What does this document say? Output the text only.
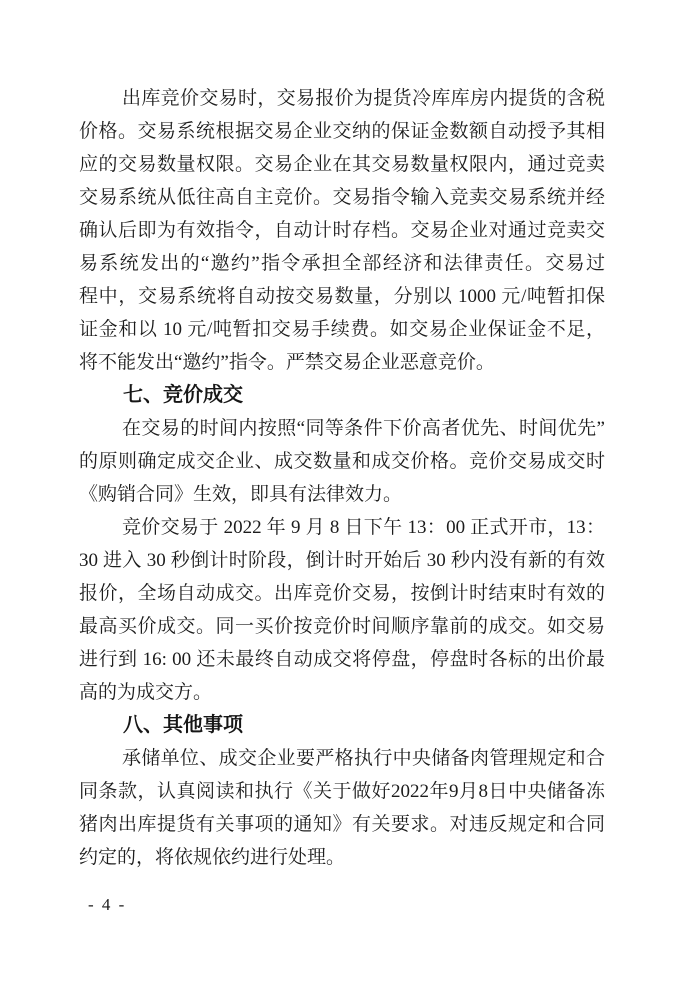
出库竞价交易时，交易报价为提货冷库库房内提货的含税
价格。交易系统根据交易企业交纳的保证金数额自动授予其相
应的交易数量权限。交易企业在其交易数量权限内，通过竞卖
交易系统从低往高自主竞价。交易指令输入竞卖交易系统并经
确认后即为有效指令，自动计时存档。交易企业对通过竞卖交
易系统发出的“邀约”指令承担全部经济和法律责任。交易过
程中，交易系统将自动按交易数量，分别以 1000 元/吨暂扣保
证金和以 10 元/吨暂扣交易手续费。如交易企业保证金不足，
将不能发出“邀约”指令。严禁交易企业恶意竞价。
七、竞价成交
在交易的时间内按照“同等条件下价高者优先、时间优先”
的原则确定成交企业、成交数量和成交价格。竞价交易成交时
《购销合同》生效，即具有法律效力。
竞价交易于 2022 年 9 月 8 日下午 13：00 正式开市，13：
30 进入 30 秒倒计时阶段，倒计时开始后 30 秒内没有新的有效
报价，全场自动成交。出库竞价交易，按倒计时结束时有效的
最高买价成交。同一买价按竞价时间顺序靠前的成交。如交易
进行到 16: 00 还未最终自动成交将停盘，停盘时各标的出价最
高的为成交方。
八、其他事项
承储单位、成交企业要严格执行中央储备肉管理规定和合
同条款，认真阅读和执行《关于做好2022年9月8日中央储备冻
猪肉出库提货有关事项的通知》有关要求。对违反规定和合同
约定的，将依规依约进行处理。
- 4 -
